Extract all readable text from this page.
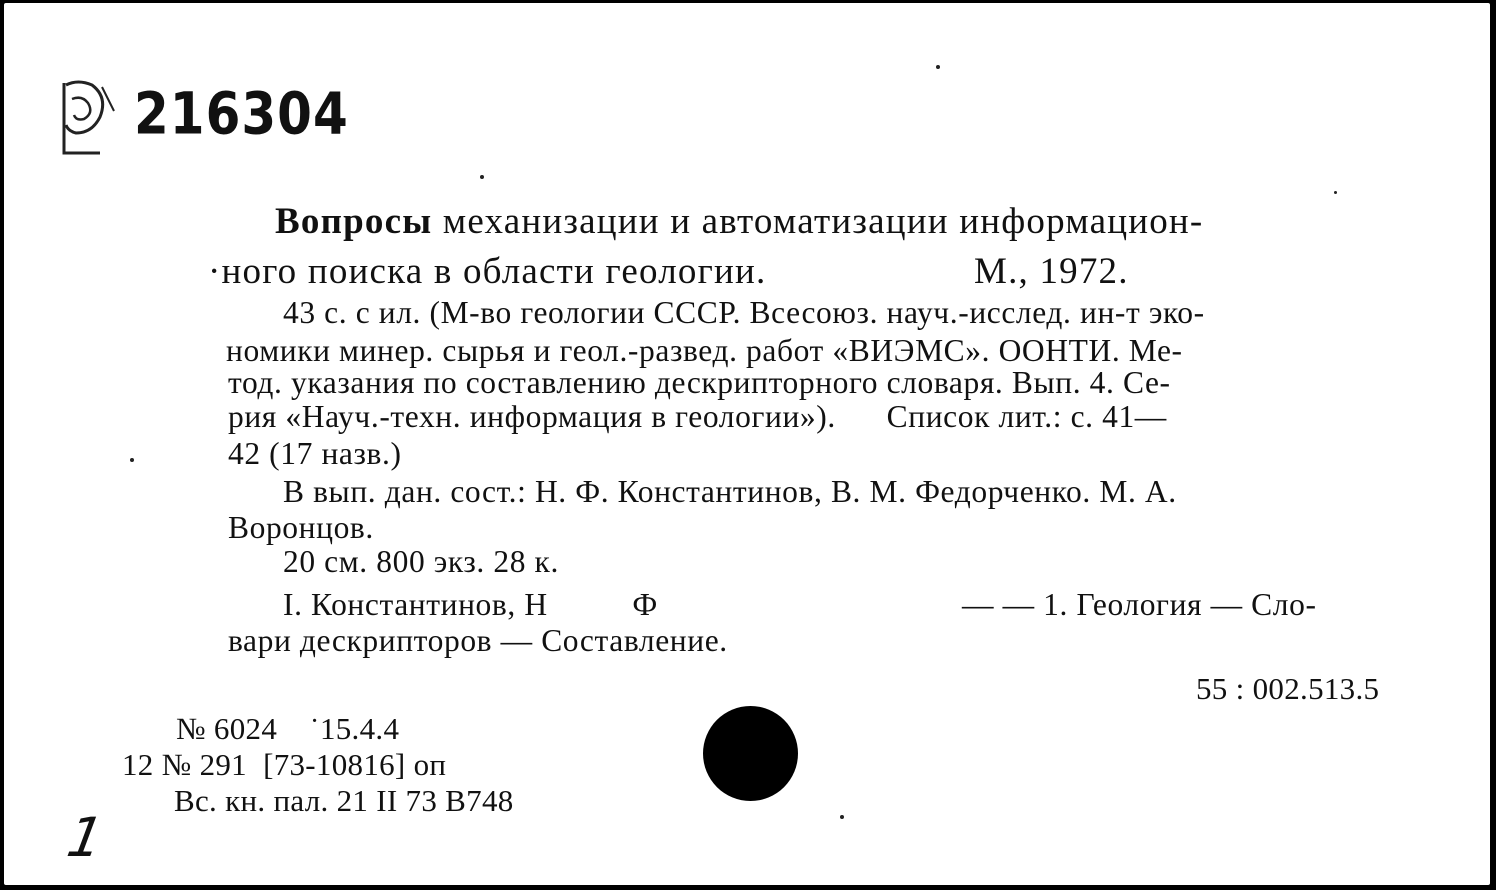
216304
Вопросы механизации и автоматизации информацион-
·ного поиска в области геологии.	М., 1972.
43 с. с ил. (М-во геологии СССР. Всесоюз. науч.-исслед. ин-т эко-
номики минер. сырья и геол.-развед. работ «ВИЭМС». ООНТИ. Ме-
тод. указания по составлению дескрипторного словаря. Вып. 4. Се-
рия «Науч.-техн. информация в геологии»).      Список лит.: с. 41—
42 (17 назв.)
В вып. дан. сост.: Н. Ф. Константинов, В. М. Федорченко. М. А.
Воронцов.
20 см. 800 экз. 28 к.
I. Константинов, Н          Ф	— — 1. Геология — Сло-
вари дескрипторов — Составление.
55 : 002.513.5
№ 6024    ˙15.4.4
12 № 291  [73-10816] оп
Вс. кн. пал. 21 II 73 В748
1
